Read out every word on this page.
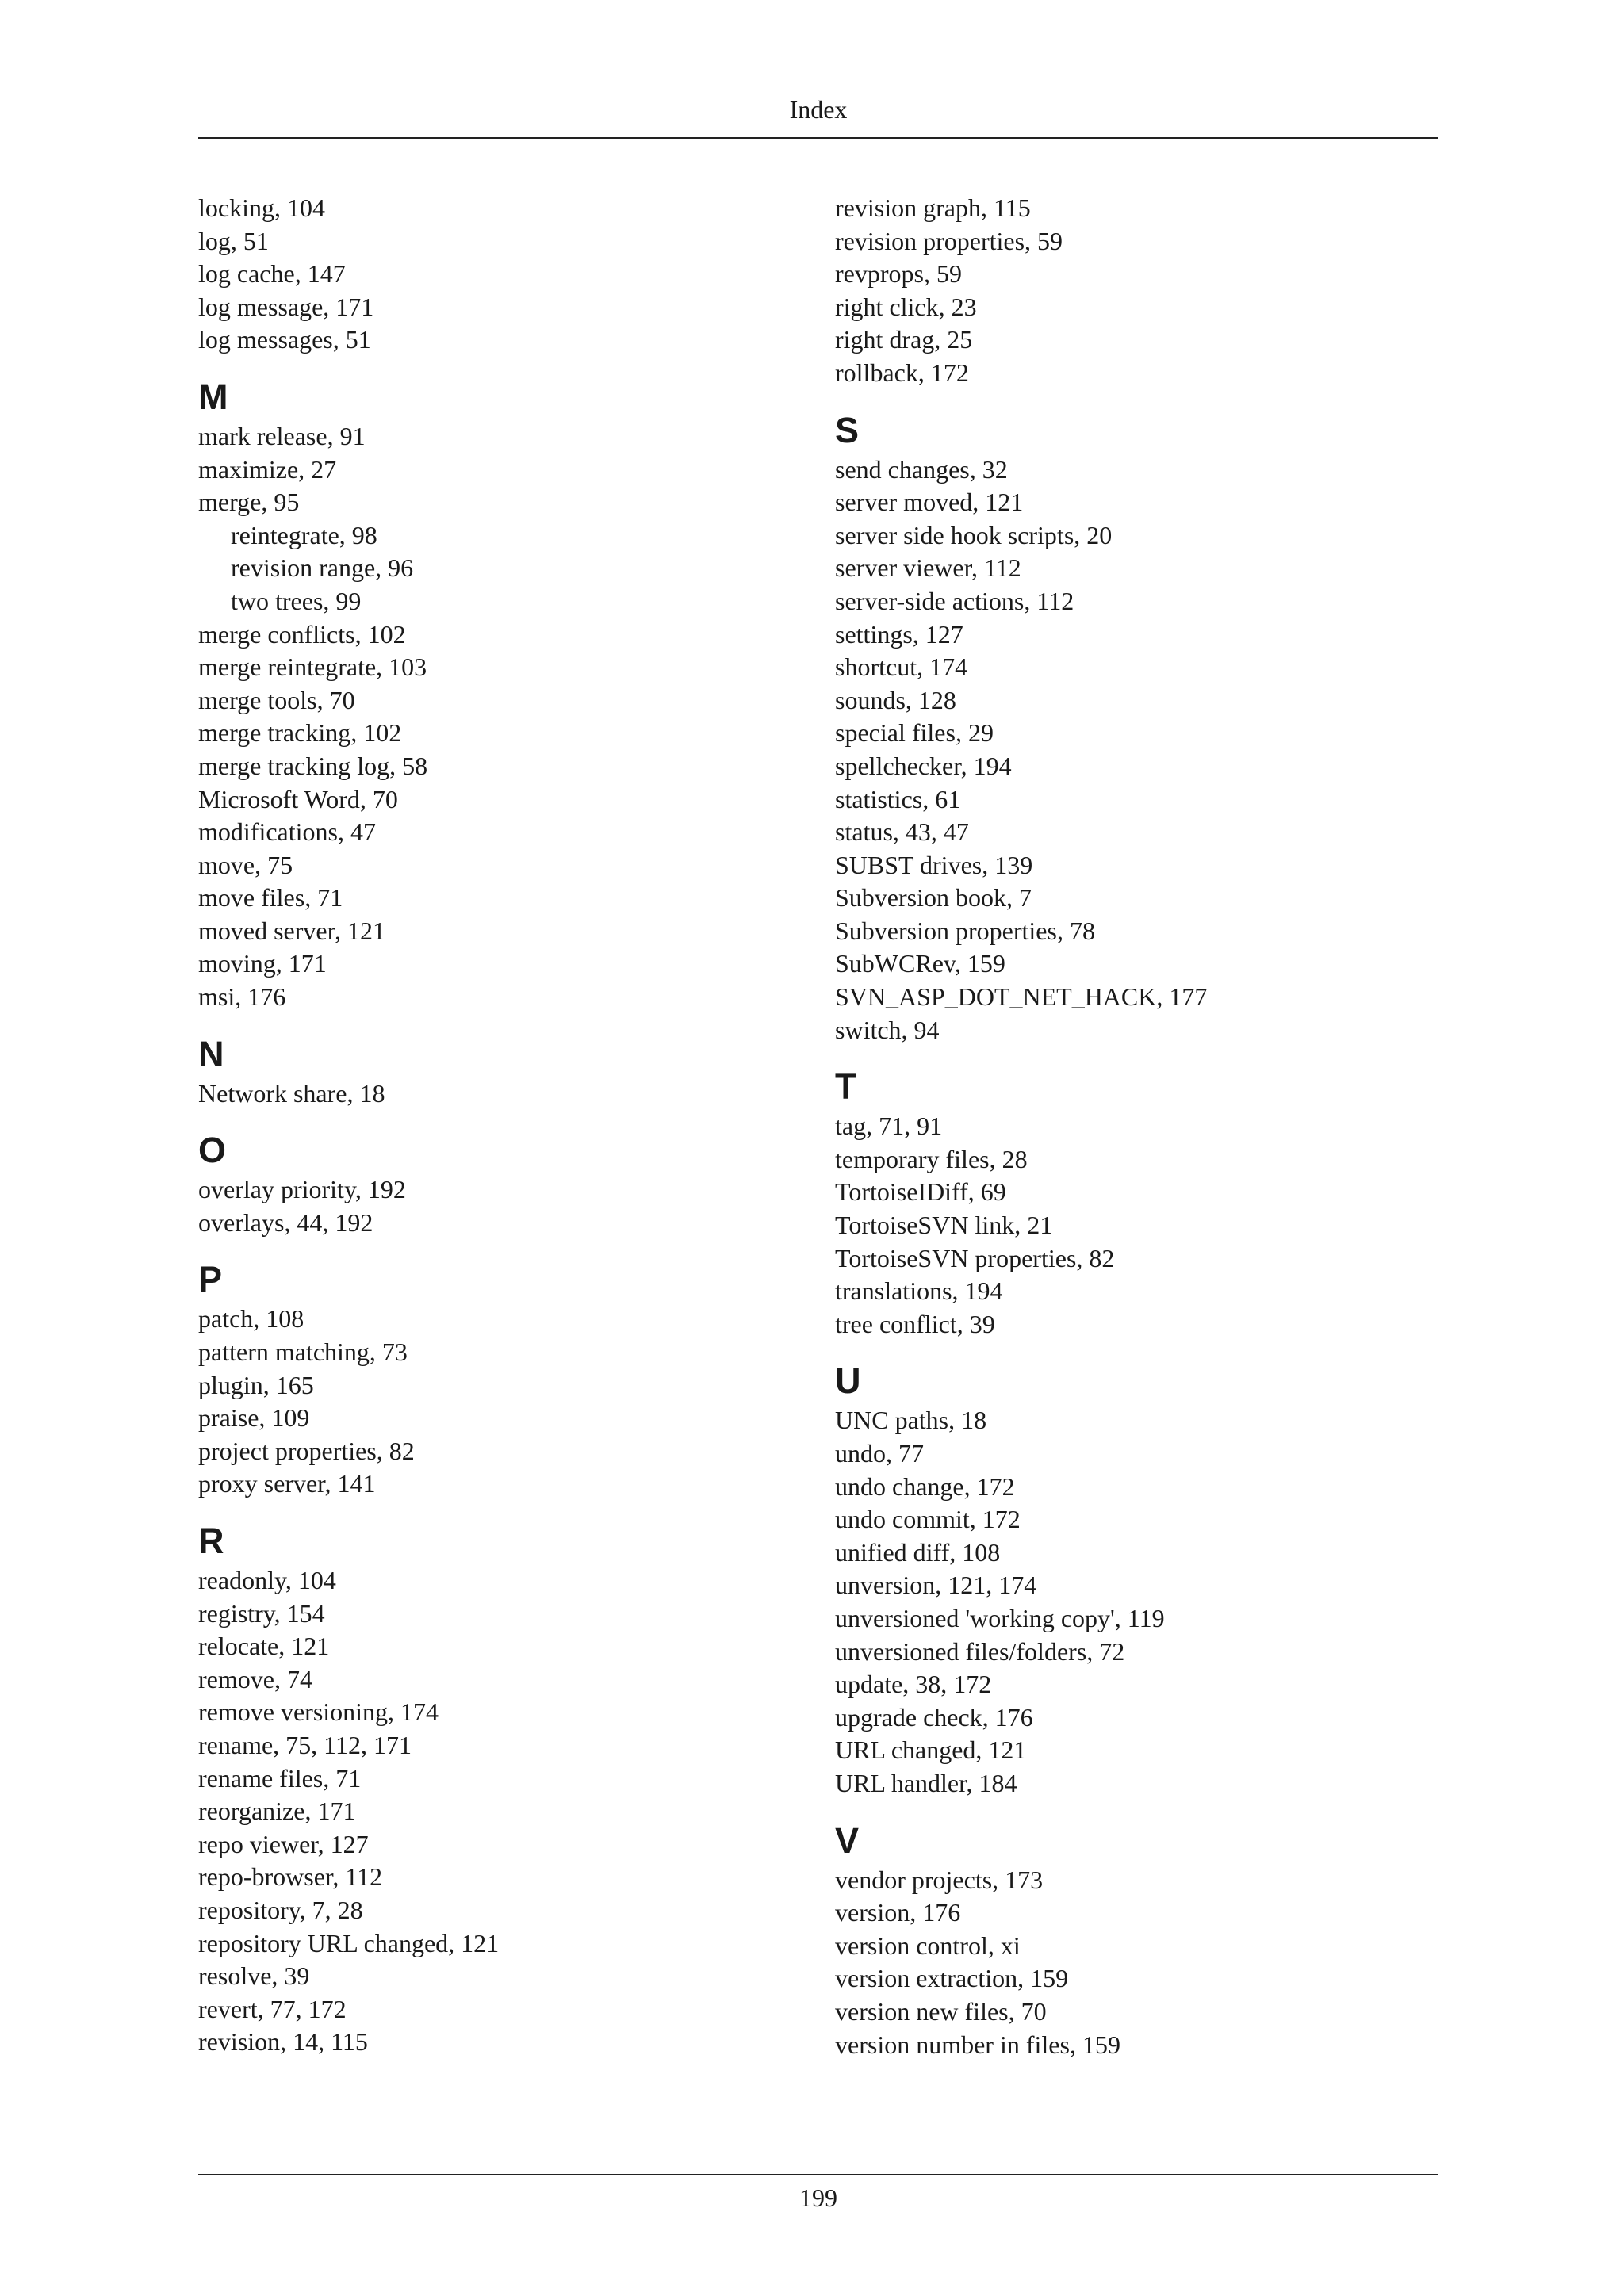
Index
locking, 104
log, 51
log cache, 147
log message, 171
log messages, 51
M
mark release, 91
maximize, 27
merge, 95
reintegrate, 98
revision range, 96
two trees, 99
merge conflicts, 102
merge reintegrate, 103
merge tools, 70
merge tracking, 102
merge tracking log, 58
Microsoft Word, 70
modifications, 47
move, 75
move files, 71
moved server, 121
moving, 171
msi, 176
N
Network share, 18
O
overlay priority, 192
overlays, 44, 192
P
patch, 108
pattern matching, 73
plugin, 165
praise, 109
project properties, 82
proxy server, 141
R
readonly, 104
registry, 154
relocate, 121
remove, 74
remove versioning, 174
rename, 75, 112, 171
rename files, 71
reorganize, 171
repo viewer, 127
repo-browser, 112
repository, 7, 28
repository URL changed, 121
resolve, 39
revert, 77, 172
revision, 14, 115
revision graph, 115
revision properties, 59
revprops, 59
right click, 23
right drag, 25
rollback, 172
S
send changes, 32
server moved, 121
server side hook scripts, 20
server viewer, 112
server-side actions, 112
settings, 127
shortcut, 174
sounds, 128
special files, 29
spellchecker, 194
statistics, 61
status, 43, 47
SUBST drives, 139
Subversion book, 7
Subversion properties, 78
SubWCRev, 159
SVN_ASP_DOT_NET_HACK, 177
switch, 94
T
tag, 71, 91
temporary files, 28
TortoiseIDiff, 69
TortoiseSVN link, 21
TortoiseSVN properties, 82
translations, 194
tree conflict, 39
U
UNC paths, 18
undo, 77
undo change, 172
undo commit, 172
unified diff, 108
unversion, 121, 174
unversioned 'working copy', 119
unversioned files/folders, 72
update, 38, 172
upgrade check, 176
URL changed, 121
URL handler, 184
V
vendor projects, 173
version, 176
version control, xi
version extraction, 159
version new files, 70
version number in files, 159
199
